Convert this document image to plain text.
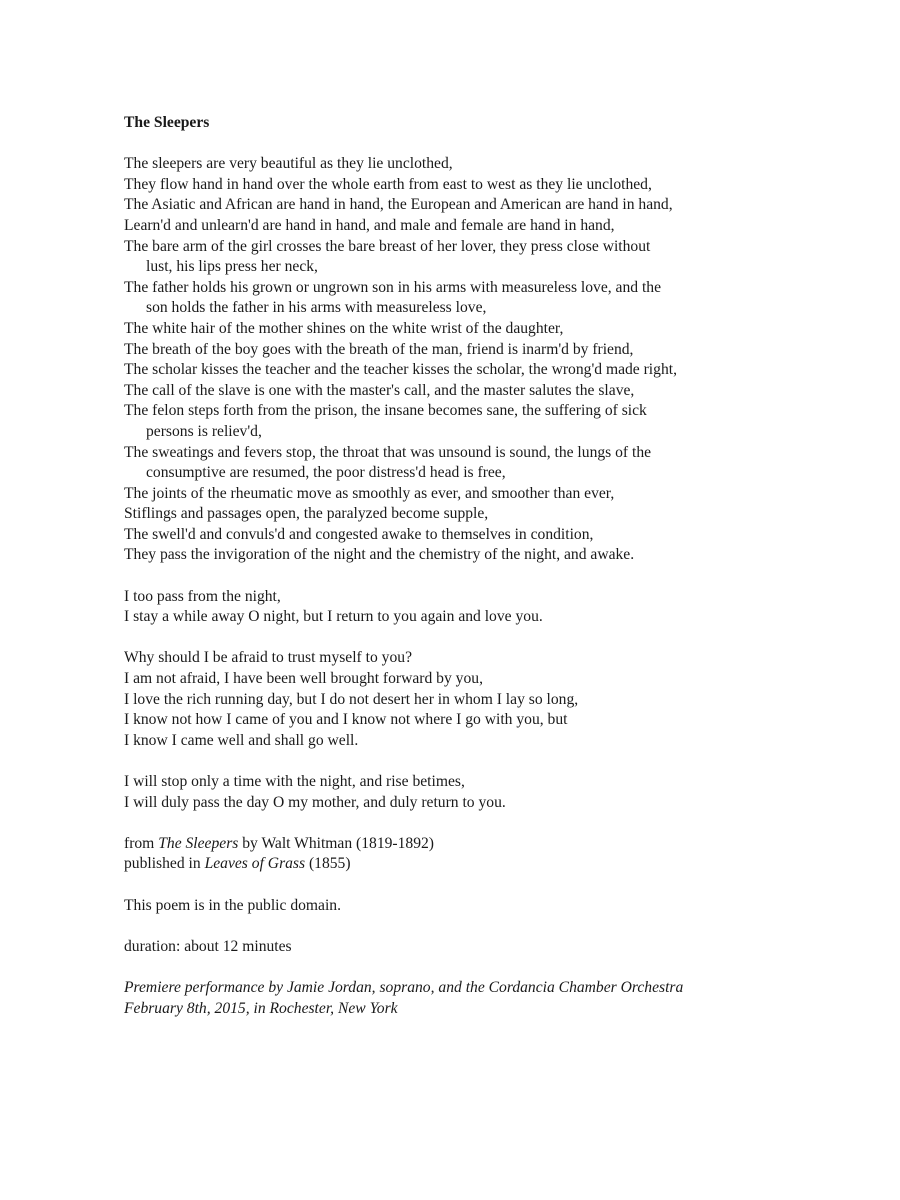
The Sleepers
The sleepers are very beautiful as they lie unclothed,
They flow hand in hand over the whole earth from east to west as they lie unclothed,
The Asiatic and African are hand in hand, the European and American are hand in hand,
Learn'd and unlearn'd are hand in hand, and male and female are hand in hand,
The bare arm of the girl crosses the bare breast of her lover, they press close without
lust, his lips press her neck,
The father holds his grown or ungrown son in his arms with measureless love, and the
son holds the father in his arms with measureless love,
The white hair of the mother shines on the white wrist of the daughter,
The breath of the boy goes with the breath of the man, friend is inarm'd by friend,
The scholar kisses the teacher and the teacher kisses the scholar, the wrong'd made right,
The call of the slave is one with the master's call, and the master salutes the slave,
The felon steps forth from the prison, the insane becomes sane, the suffering of sick
persons is reliev'd,
The sweatings and fevers stop, the throat that was unsound is sound, the lungs of the
consumptive are resumed, the poor distress'd head is free,
The joints of the rheumatic move as smoothly as ever, and smoother than ever,
Stiflings and passages open, the paralyzed become supple,
The swell'd and convuls'd and congested awake to themselves in condition,
They pass the invigoration of the night and the chemistry of the night, and awake.
I too pass from the night,
I stay a while away O night, but I return to you again and love you.
Why should I be afraid to trust myself to you?
I am not afraid, I have been well brought forward by you,
I love the rich running day, but I do not desert her in whom I lay so long,
I know not how I came of you and I know not where I go with you, but
I know I came well and shall go well.
I will stop only a time with the night, and rise betimes,
I will duly pass the day O my mother, and duly return to you.
from The Sleepers by Walt Whitman (1819-1892)
published in Leaves of Grass (1855)
This poem is in the public domain.
duration: about 12 minutes
Premiere performance by Jamie Jordan, soprano, and the Cordancia Chamber Orchestra
February 8th, 2015, in Rochester, New York
